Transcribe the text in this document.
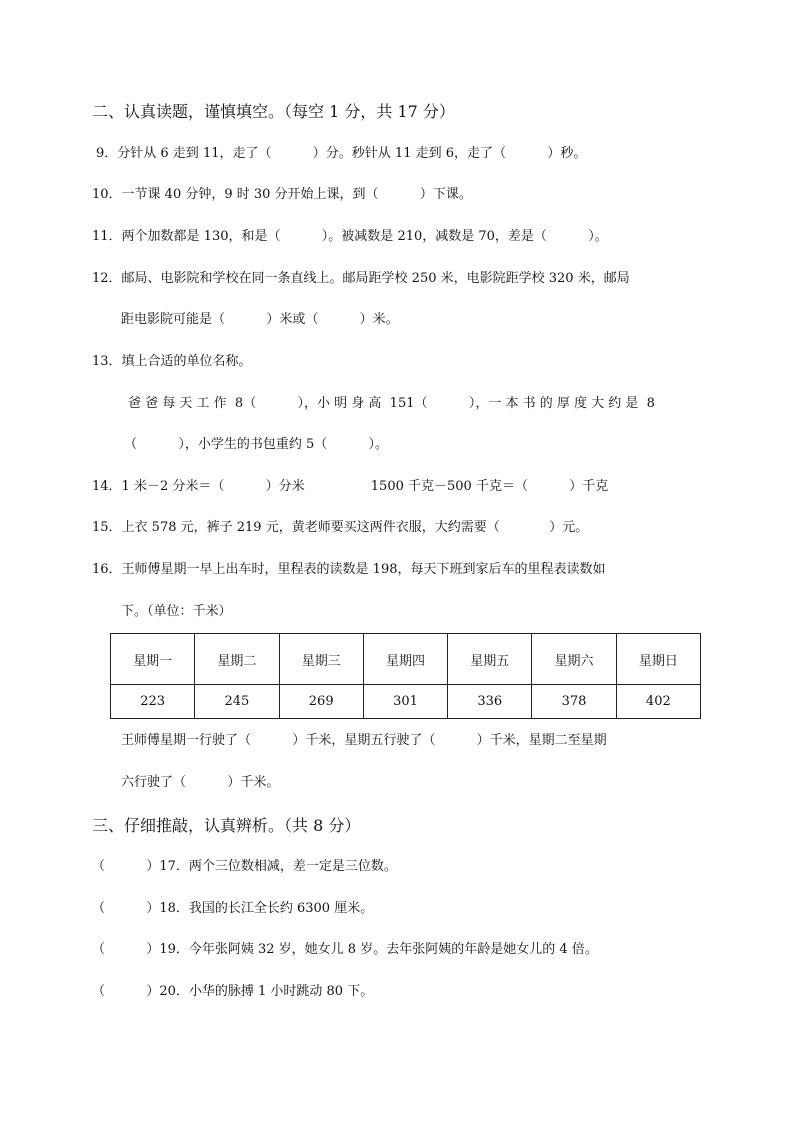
二、认真读题，谨慎填空。（每空 1 分，共 17 分）
9．分针从 6 走到 11，走了（          ）分。秒针从 11 走到 6，走了（          ）秒。
10．一节课 40 分钟，9 时 30 分开始上课，到（          ）下课。
11．两个加数都是 130，和是（          ）。被减数是 210，减数是 70，差是（          ）。
12．邮局、电影院和学校在同一条直线上。邮局距学校 250 米，电影院距学校 320 米，邮局
距电影院可能是（          ）米或（          ）米。
13．填上合适的单位名称。
爸 爸 每 天 工 作  8（          ），小 明 身 高  151（          ），一 本 书 的 厚 度 大 约 是  8
（          ），小学生的书包重约 5（          ）。
14．1 米－2 分米＝（          ）分米                1500 千克－500 千克＝（          ）千克
15．上衣 578 元，裤子 219 元，黄老师要买这两件衣服，大约需要（            ）元。
16．王师傅星期一早上出车时，里程表的读数是 198，每天下班到家后车的里程表读数如
下。（单位：千米）
星期一	星期二	星期三	星期四	星期五	星期六	星期日
223	245	269	301	336	378	402
王师傅星期一行驶了（          ）千米，星期五行驶了（          ）千米，星期二至星期
六行驶了（          ）千米。
三、仔细推敲，认真辨析。（共 8 分）
（          ）17．两个三位数相减，差一定是三位数。
（          ）18．我国的长江全长约 6300 厘米。
（          ）19．今年张阿姨 32 岁，她女儿 8 岁。去年张阿姨的年龄是她女儿的 4 倍。
（          ）20．小华的脉搏 1 小时跳动 80 下。
